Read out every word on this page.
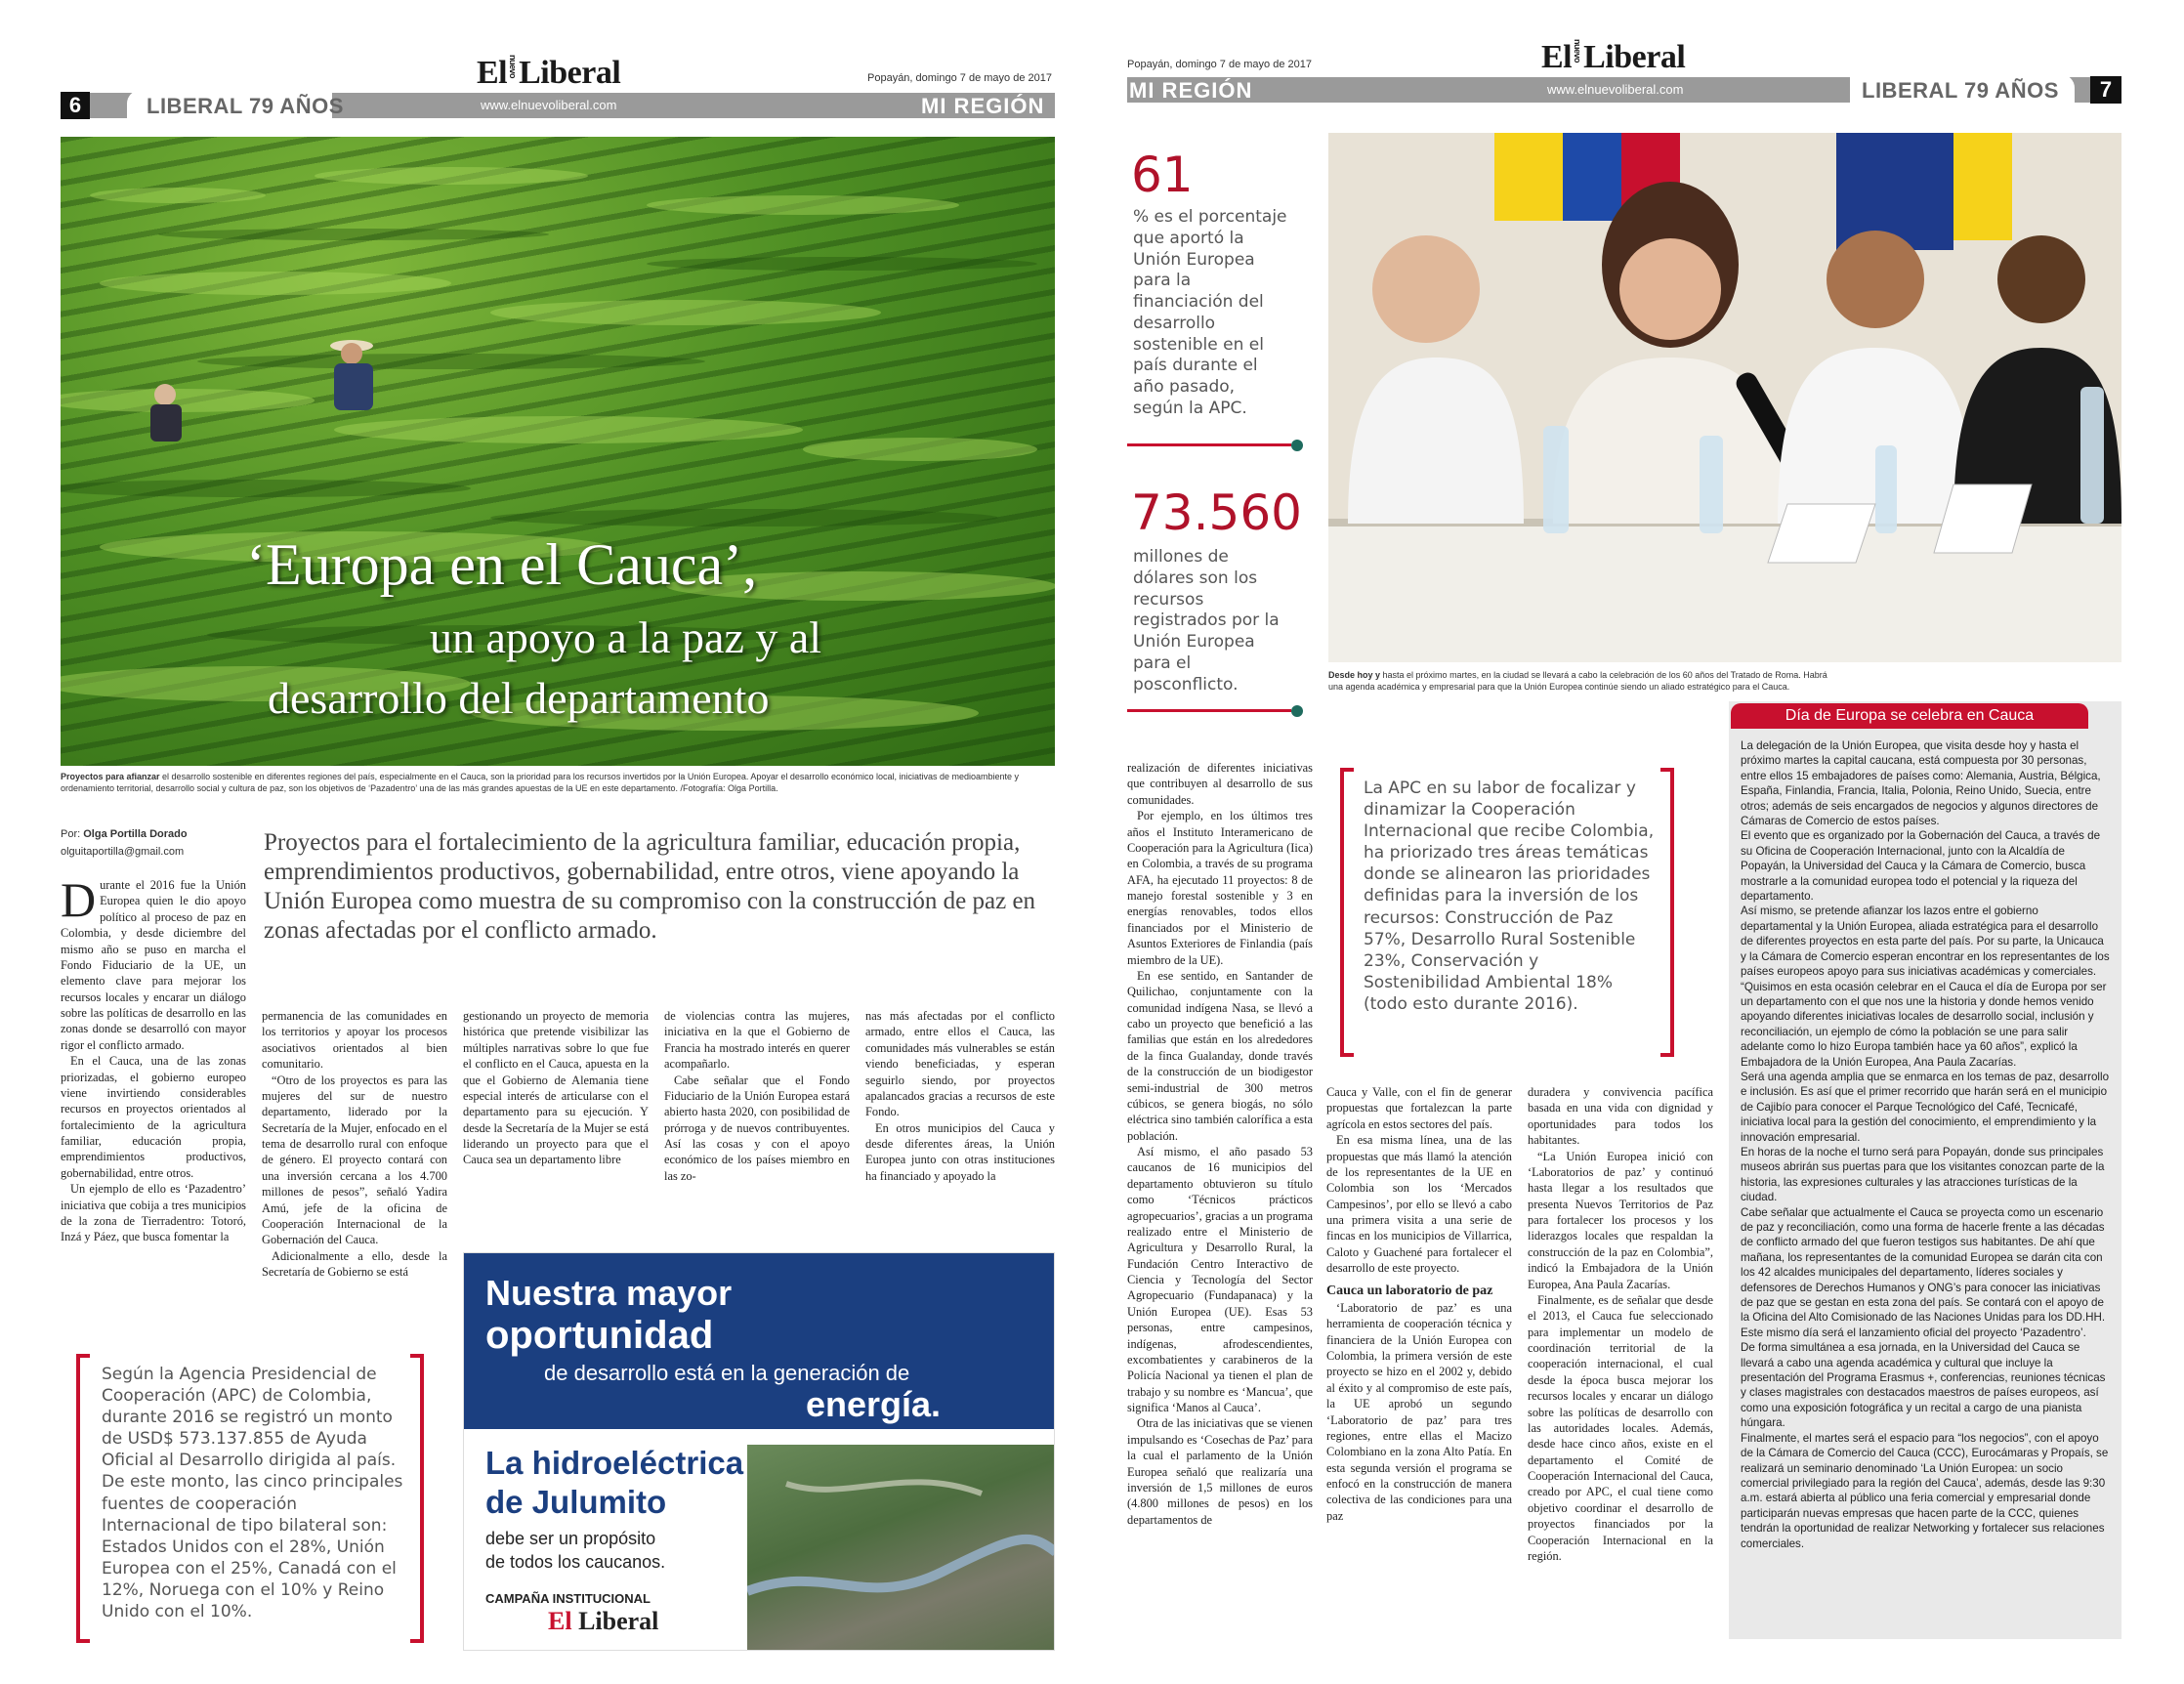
ElnuevoLiberal	Popayán, domingo 7 de mayo de 2017
6	LIBERAL 79 AÑOS	www.elnuevoliberal.com	MI REGIÓN
‘Europa en el Cauca’,
un apoyo a la paz y al
desarrollo del departamento
Proyectos para afianzar el desarrollo sostenible en diferentes regiones del país, especialmente en el Cauca, son la prioridad para los recursos invertidos por la Unión Europea. Apoyar el desarrollo económico local, iniciativas de medioambiente y ordenamiento territorial, desarrollo social y cultura de paz, son los objetivos de ‘Pazadentro’ una de las más grandes apuestas de la UE en este departamento. /Fotografía: Olga Portilla.
Por: Olga Portilla Dorado
olguitaportilla@gmail.com	Proyectos para el fortalecimiento de la agricultura familiar, educación propia, emprendimientos productivos, gobernabilidad, entre otros, viene apoyando la Unión Europea como muestra de su compromiso con la construcción de paz en zonas afectadas por el conflicto armado.
D urante el 2016 fue la Unión Europea quien le dio apoyo político al proceso de paz en Colombia, y desde diciembre del mismo año se puso en marcha el Fondo Fiduciario de la UE, un elemento clave para mejorar los recursos locales y encarar un diálogo sobre las políticas de desarrollo en las zonas donde se desarrolló con mayor rigor el conflicto armado.

En el Cauca, una de las zonas priorizadas, el gobierno europeo viene invirtiendo considerables recursos en proyectos orientados al fortalecimiento de la agricultura familiar, educación propia, emprendimientos productivos, gobernabilidad, entre otros.

Un ejemplo de ello es ‘Pazadentro’ iniciativa que cobija a tres municipios de la zona de Tierradentro: Totoró, Inzá y Páez, que busca fomentar la

permanencia de las comunidades en los territorios y apoyar los procesos asociativos orientados al bien comunitario.

“Otro de los proyectos es para las mujeres del sur de nuestro departamento, liderado por la Secretaría de la Mujer, enfocado en el tema de desarrollo rural con enfoque de género. El proyecto contará con una inversión cercana a los 4.700 millones de pesos”, señaló Yadira Amú, jefe de la oficina de Cooperación Internacional de la Gobernación del Cauca.

Adicionalmente a ello, desde la Secretaría de Gobierno se está

gestionando un proyecto de memoria histórica que pretende visibilizar las múltiples narrativas sobre lo que fue el conflicto en el Cauca, apuesta en la que el Gobierno de Alemania tiene especial interés de articularse con el departamento para su ejecución. Y desde la Secretaría de la Mujer se está liderando un proyecto para que el Cauca sea un departamento libre

de violencias contra las mujeres, iniciativa en la que el Gobierno de Francia ha mostrado interés en querer acompañarlo.

Cabe señalar que el Fondo Fiduciario de la Unión Europea estará abierto hasta 2020, con posibilidad de prórroga y de nuevos contribuyentes. Así las cosas y con el apoyo económico de los países miembro en las zo-

nas más afectadas por el conflicto armado, entre ellos el Cauca, las comunidades más vulnerables se están viendo beneficiadas, y esperan seguirlo siendo, por proyectos apalancados gracias a recursos de este Fondo.

En otros municipios del Cauca y desde diferentes áreas, la Unión Europea junto con otras instituciones ha financiado y apoyado la

Según la Agencia Presidencial de Cooperación (APC) de Colombia, durante 2016 se registró un monto de USD$ 573.137.855 de Ayuda Oficial al Desarrollo dirigida al país. De este monto, las cinco principales fuentes de cooperación Internacional de tipo bilateral son: Estados Unidos con el 28%, Unión Europea con el 25%, Canadá con el 12%, Noruega con el 10% y Reino Unido con el 10%.
Nuestra mayor
oportunidad
de desarrollo está en la generación de
energía.
La hidroeléctrica
de Julumito
debe ser un propósito
de todos los caucanos.
CAMPAÑA INSTITUCIONAL
El Liberal
Popayán, domingo 7 de mayo de 2017	ElnuevoLiberal
MI REGIÓN	www.elnuevoliberal.com	LIBERAL 79 AÑOS	7
61
% es el porcentaje que aportó la Unión Europea para la financiación del desarrollo sostenible en el país durante el año pasado, según la APC.
73.560
millones de dólares son los recursos registrados por la Unión Europea para el posconflicto.	Desde hoy y hasta el próximo martes, en la ciudad se llevará a cabo la celebración de los 60 años del Tratado de Roma. Habrá una agenda académica y empresarial para que la Unión Europea continúe siendo un aliado estratégico para el Cauca.

realización de diferentes iniciativas que contribuyen al desarrollo de sus comunidades.

Por ejemplo, en los últimos tres años el Instituto Interamericano de Cooperación para la Agricultura (Iica) en Colombia, a través de su programa AFA, ha ejecutado 11 proyectos: 8 de manejo forestal sostenible y 3 en energías renovables, todos ellos financiados por el Ministerio de Asuntos Exteriores de Finlandia (país miembro de la UE).

En ese sentido, en Santander de Quilichao, conjuntamente con la comunidad indígena Nasa, se llevó a cabo un proyecto que benefició a las familias que están en los alrededores de la finca Gualanday, donde través de la construcción de un biodigestor semi-industrial de 300 metros cúbicos, se genera biogás, no sólo eléctrica sino también calorífica a esta población.

Así mismo, el año pasado 53 caucanos de 16 municipios del departamento obtuvieron su título como ‘Técnicos prácticos agropecuarios’, gracias a un programa realizado entre el Ministerio de Agricultura y Desarrollo Rural, la Fundación Centro Interactivo de Ciencia y Tecnología del Sector Agropecuario (Fundapanaca) y la Unión Europea (UE). Esas 53 personas, entre campesinos, indígenas, afrodescendientes, excombatientes y carabineros de la Policía Nacional ya tienen el plan de trabajo y su nombre es ‘Mancua’, que significa ‘Manos al Cauca’.

Otra de las iniciativas que se vienen impulsando es ‘Cosechas de Paz’ para la cual el parlamento de la Unión Europea señaló que realizaría una inversión de 1,5 millones de euros (4.800 millones de pesos) en los departamentos de

La APC en su labor de focalizar y dinamizar la Cooperación Internacional que recibe Colombia, ha priorizado tres áreas temáticas donde se alinearon las prioridades definidas para la inversión de los recursos: Construcción de Paz 57%, Desarrollo Rural Sostenible 23%, Conservación y Sostenibilidad Ambiental 18% (todo esto durante 2016).

Cauca y Valle, con el fin de generar propuestas que fortalezcan la parte agrícola en estos sectores del país.

En esa misma línea, una de las propuestas que más llamó la atención de los representantes de la UE en Colombia son los ‘Mercados Campesinos’, por ello se llevó a cabo una primera visita a una serie de fincas en los municipios de Villarrica, Caloto y Guachené para fortalecer el desarrollo de este proyecto.

Cauca un laboratorio de paz

‘Laboratorio de paz’ es una herramienta de cooperación técnica y financiera de la Unión Europea con Colombia, la primera versión de este proyecto se hizo en el 2002 y, debido al éxito y al compromiso de este país, la UE aprobó un segundo ‘Laboratorio de paz’ para tres regiones, entre ellas el Macizo Colombiano en la zona Alto Patía. En esta segunda versión el programa se enfocó en la construcción de manera colectiva de las condiciones para una paz

duradera y convivencia pacífica basada en una vida con dignidad y oportunidades para todos los habitantes.

“La Unión Europea inició con ‘Laboratorios de paz’ y continuó hasta llegar a los resultados que presenta Nuevos Territorios de Paz para fortalecer los procesos y los liderazgos locales que respaldan la construcción de la paz en Colombia”, indicó la Embajadora de la Unión Europea, Ana Paula Zacarías.

Finalmente, es de señalar que desde el 2013, el Cauca fue seleccionado para implementar un modelo de coordinación territorial de la cooperación internacional, el cual desde la época busca mejorar los recursos locales y encarar un diálogo sobre las políticas de desarrollo con las autoridades locales. Además, desde hace cinco años, existe en el departamento el Comité de Cooperación Internacional del Cauca, creado por APC, el cual tiene como objetivo coordinar el desarrollo de proyectos financiados por la Cooperación Internacional en la región.

Día de Europa se celebra en Cauca
La delegación de la Unión Europea, que visita desde hoy y hasta el próximo martes la capital caucana, está compuesta por 30 personas, entre ellos 15 embajadores de países como: Alemania, Austria, Bélgica, España, Finlandia, Francia, Italia, Polonia, Reino Unido, Suecia, entre otros; además de seis encargados de negocios y algunos directores de Cámaras de Comercio de estos países.
El evento que es organizado por la Gobernación del Cauca, a través de su Oficina de Cooperación Internacional, junto con la Alcaldía de Popayán, la Universidad del Cauca y la Cámara de Comercio, busca mostrarle a la comunidad europea todo el potencial y la riqueza del departamento.
Así mismo, se pretende afianzar los lazos entre el gobierno departamental y la Unión Europea, aliada estratégica para el desarrollo de diferentes proyectos en esta parte del país. Por su parte, la Unicauca y la Cámara de Comercio esperan encontrar en los representantes de los países europeos apoyo para sus iniciativas académicas y comerciales.
“Quisimos en esta ocasión celebrar en el Cauca el día de Europa por ser un departamento con el que nos une la historia y donde hemos venido apoyando diferentes iniciativas locales de desarrollo social, inclusión y reconciliación, un ejemplo de cómo la población se une para salir adelante como lo hizo Europa también hace ya 60 años”, explicó la Embajadora de la Unión Europea, Ana Paula Zacarías.
Será una agenda amplia que se enmarca en los temas de paz, desarrollo e inclusión. Es así que el primer recorrido que harán será en el municipio de Cajibío para conocer el Parque Tecnológico del Café, Tecnicafé, iniciativa local para la gestión del conocimiento, el emprendimiento y la innovación empresarial.
En horas de la noche el turno será para Popayán, donde sus principales museos abrirán sus puertas para que los visitantes conozcan parte de la historia, las expresiones culturales y las atracciones turísticas de la ciudad.
Cabe señalar que actualmente el Cauca se proyecta como un escenario de paz y reconciliación, como una forma de hacerle frente a las décadas de conflicto armado del que fueron testigos sus habitantes. De ahí que mañana, los representantes de la comunidad Europea se darán cita con los 42 alcaldes municipales del departamento, líderes sociales y defensores de Derechos Humanos y ONG’s para conocer las iniciativas de paz que se gestan en esta zona del país. Se contará con el apoyo de la Oficina del Alto Comisionado de las Naciones Unidas para los DD.HH. Este mismo día será el lanzamiento oficial del proyecto ‘Pazadentro’.
De forma simultánea a esa jornada, en la Universidad del Cauca se llevará a cabo una agenda académica y cultural que incluye la presentación del Programa Erasmus +, conferencias, reuniones técnicas y clases magistrales con destacados maestros de países europeos, así como una exposición fotográfica y un recital a cargo de una pianista húngara.
Finalmente, el martes será el espacio para “los negocios”, con el apoyo de la Cámara de Comercio del Cauca (CCC), Eurocámaras y Propaís, se realizará un seminario denominado ‘La Unión Europea: un socio comercial privilegiado para la región del Cauca’, además, desde las 9:30 a.m. estará abierta al público una feria comercial y empresarial donde participarán nuevas empresas que hacen parte de la CCC, quienes tendrán la oportunidad de realizar Networking y fortalecer sus relaciones comerciales.
